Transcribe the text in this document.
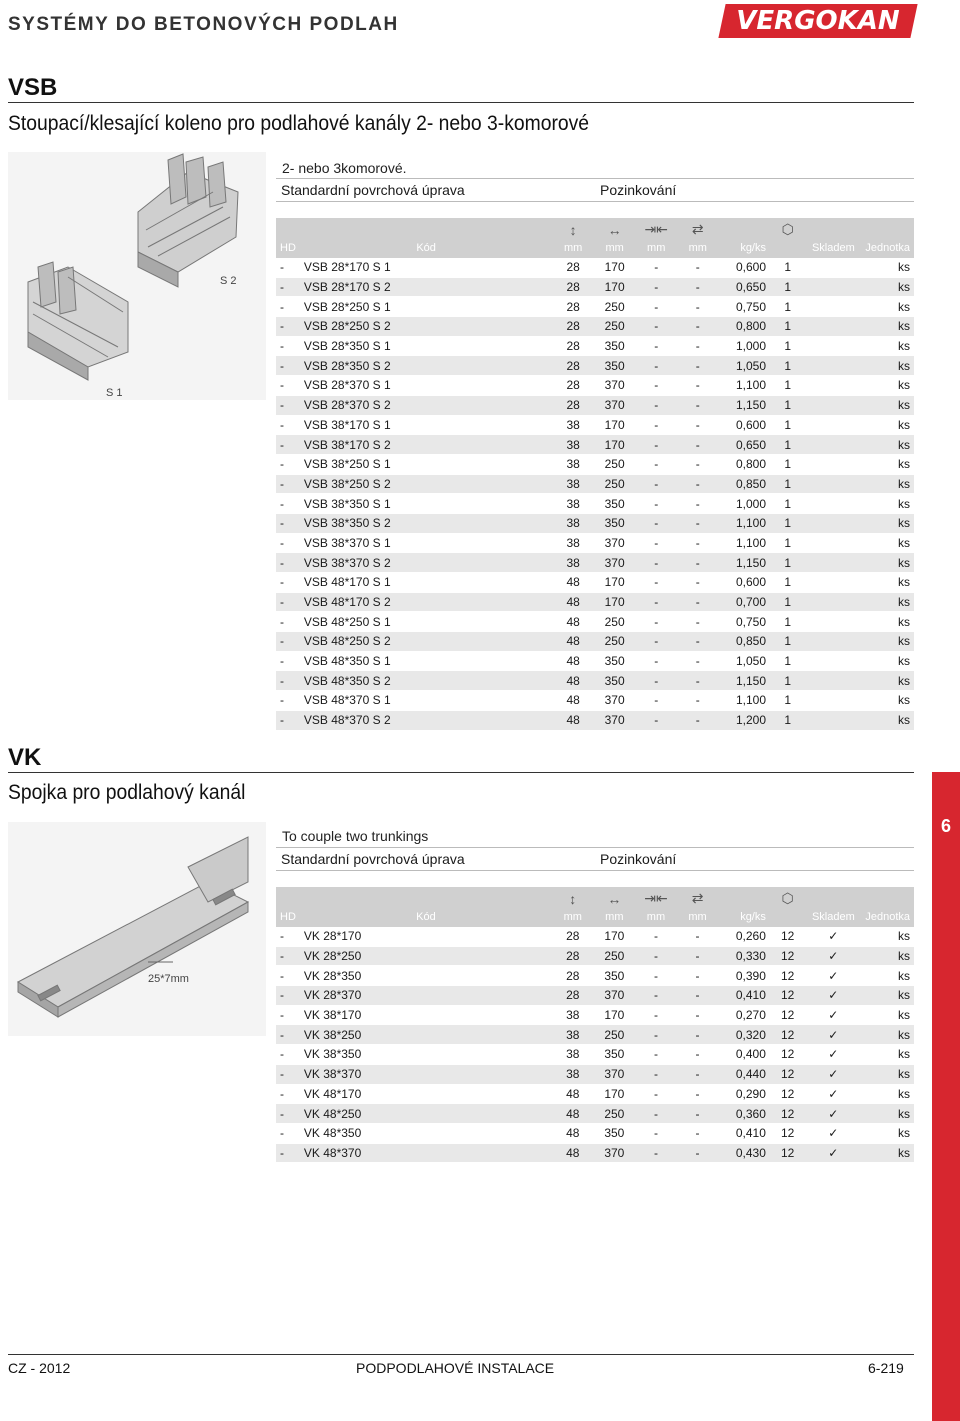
SYSTÉMY DO BETONOVÝCH PODLAH	VERGOKAN
VSB
Stoupací/klesající koleno pro podlahové kanály 2- nebo 3-komorové
S 2
S 1
2- nebo 3komorové.
Standardní povrchová úprava	Pozinkování
HD	Kód	↕
mm	↔
mm	⇥⇤
mm	⇄
mm	kg/ks	⬡	Skladem	Jednotka

-	VSB 28*170 S 1	28	170	-	-	0,600	1		ks
-	VSB 28*170 S 2	28	170	-	-	0,650	1		ks
-	VSB 28*250 S 1	28	250	-	-	0,750	1		ks
-	VSB 28*250 S 2	28	250	-	-	0,800	1		ks
-	VSB 28*350 S 1	28	350	-	-	1,000	1		ks
-	VSB 28*350 S 2	28	350	-	-	1,050	1		ks
-	VSB 28*370 S 1	28	370	-	-	1,100	1		ks
-	VSB 28*370 S 2	28	370	-	-	1,150	1		ks
-	VSB 38*170 S 1	38	170	-	-	0,600	1		ks
-	VSB 38*170 S 2	38	170	-	-	0,650	1		ks
-	VSB 38*250 S 1	38	250	-	-	0,800	1		ks
-	VSB 38*250 S 2	38	250	-	-	0,850	1		ks
-	VSB 38*350 S 1	38	350	-	-	1,000	1		ks
-	VSB 38*350 S 2	38	350	-	-	1,100	1		ks
-	VSB 38*370 S 1	38	370	-	-	1,100	1		ks
-	VSB 38*370 S 2	38	370	-	-	1,150	1		ks
-	VSB 48*170 S 1	48	170	-	-	0,600	1		ks
-	VSB 48*170 S 2	48	170	-	-	0,700	1		ks
-	VSB 48*250 S 1	48	250	-	-	0,750	1		ks
-	VSB 48*250 S 2	48	250	-	-	0,850	1		ks
-	VSB 48*350 S 1	48	350	-	-	1,050	1		ks
-	VSB 48*350 S 2	48	350	-	-	1,150	1		ks
-	VSB 48*370 S 1	48	370	-	-	1,100	1		ks
-	VSB 48*370 S 2	48	370	-	-	1,200	1		ks
VK
Spojka pro podlahový kanál
25*7mm
To couple two trunkings
Standardní povrchová úprava	Pozinkování
HD	Kód	↕
mm	↔
mm	⇥⇤
mm	⇄
mm	kg/ks	⬡	Skladem	Jednotka

-	VK 28*170	28	170	-	-	0,260	12	✓	ks
-	VK 28*250	28	250	-	-	0,330	12	✓	ks
-	VK 28*350	28	350	-	-	0,390	12	✓	ks
-	VK 28*370	28	370	-	-	0,410	12	✓	ks
-	VK 38*170	38	170	-	-	0,270	12	✓	ks
-	VK 38*250	38	250	-	-	0,320	12	✓	ks
-	VK 38*350	38	350	-	-	0,400	12	✓	ks
-	VK 38*370	38	370	-	-	0,440	12	✓	ks
-	VK 48*170	48	170	-	-	0,290	12	✓	ks
-	VK 48*250	48	250	-	-	0,360	12	✓	ks
-	VK 48*350	48	350	-	-	0,410	12	✓	ks
-	VK 48*370	48	370	-	-	0,430	12	✓	ks
6
CZ - 2012	PODPODLAHOVÉ INSTALACE	6-219
